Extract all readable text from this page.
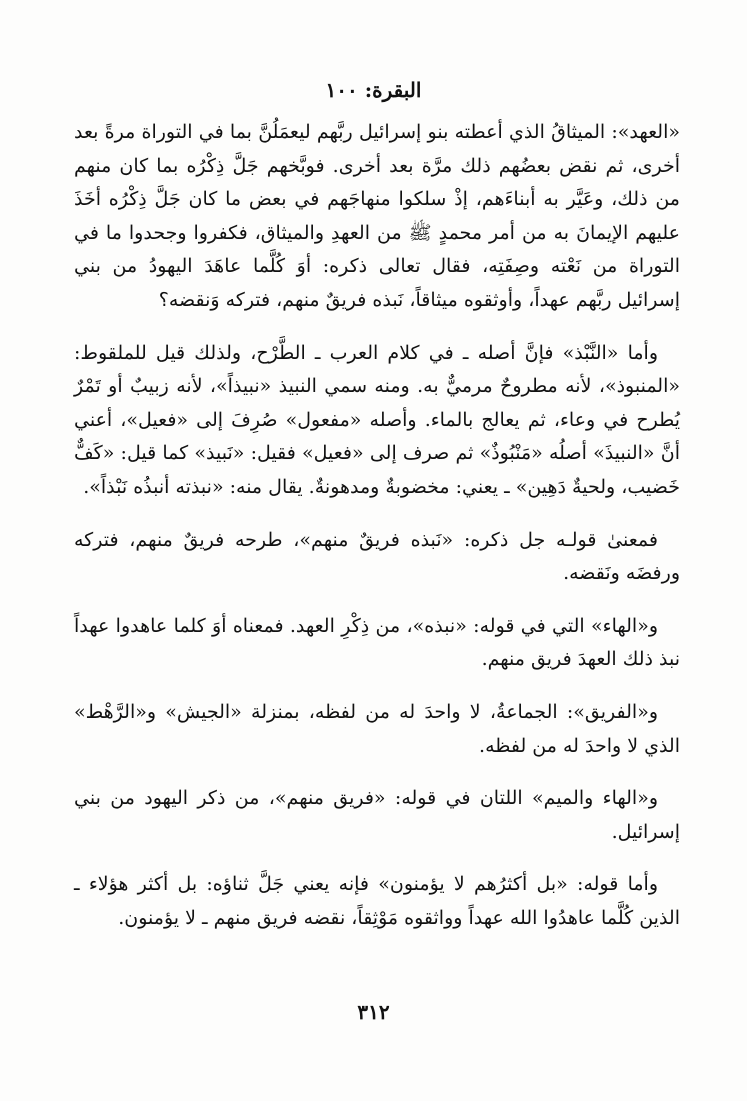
البقرة: ١٠٠

«العهد»: الميثاقُ الذي أعطته بنو إسرائيل ربَّهم ليعمَلُنَّ بما في التوراة مرةً بعد أخرى، ثم نقض بعضُهم ذلك مرَّة بعد أخرى. فوبَّخهم جَلَّ ذِكْرُه بما كان منهم من ذلك، وعَيَّر به أبناءَهم، إذْ سلكوا منهاجَهم في بعض ما كان جَلَّ ذِكْرُه أخَذَ عليهم الإيمانَ به من أمر محمدٍ ﷺ من العهدِ والميثاق، فكفروا وجحدوا ما في التوراة من نَعْته وصِفَتِه، فقال تعالى ذكره: أوَ كُلَّما عاهَدَ اليهودُ من بني إسرائيل ربَّهم عهداً، وأوثقوه ميثاقاً، نَبذه فريقٌ منهم، فتركه وَنقضه؟

وأما «النَّبْذ» فإنَّ أصله ـ في كلام العرب ـ الطَّرْح، ولذلك قيل للملقوط: «المنبوذ»، لأنه مطروحٌ مرميٌّ به. ومنه سمي النبيذ «نبيذاً»، لأنه زبيبٌ أو تَمْرٌ يُطرح في وعاء، ثم يعالج بالماء. وأصله «مفعول» صُرِفَ إلى «فعيل»، أعني أنَّ «النبيذَ» أصلُه «مَنْبُوذٌ» ثم صرف إلى «فعيل» فقيل: «نَبيذ» كما قيل: «كَفٌّ خَضيب، ولحيةٌ دَهِين» ـ يعني: مخضوبةٌ ومدهونةٌ. يقال منه: «نبذته أنبذُه نَبْذاً».

فمعنىٰ قولـه جل ذكره: «نَبذه فريقٌ منهم»، طرحه فريقٌ منهم، فتركه ورفضَه ونَقضه.

و«الهاء» التي في قوله: «نبذه»، من ذِكْرِ العهد. فمعناه أوَ كلما عاهدوا عهداً نبذ ذلك العهدَ فريق منهم.

و«الفريق»: الجماعةُ، لا واحدَ له من لفظه، بمنزلة «الجيش» و«الرَّهْط» الذي لا واحدَ له من لفظه.

و«الهاء والميم» اللتان في قوله: «فريق منهم»، من ذكر اليهود من بني إسرائيل.

وأما قوله: «بل أكثرُهم لا يؤمنون» فإنه يعني جَلَّ ثناؤه: بل أكثر هؤلاء ـ الذين كُلَّما عاهدُوا الله عهداً وواثقوه مَوْثِقاً، نقضه فريق منهم ـ لا يؤمنون.

٣١٢
